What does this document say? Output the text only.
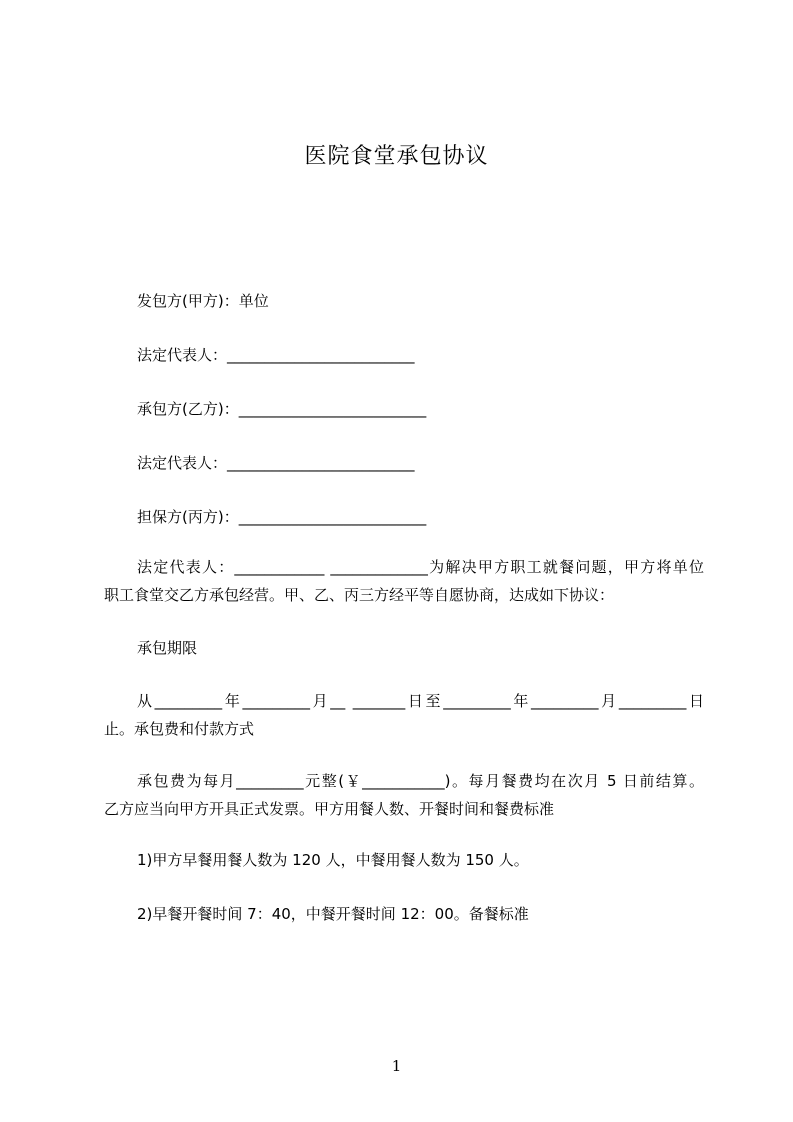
医院食堂承包协议
发包方(甲方)：单位
法定代表人：_________________________
承包方(乙方)：_________________________
法定代表人：_________________________
担保方(丙方)：_________________________
法定代表人：____________ _____________为解决甲方职工就餐问题，甲方将单位
职工食堂交乙方承包经营。甲、乙、丙三方经平等自愿协商，达成如下协议：
承包期限
从_________年_________月__ _______日至_________年_________月_________日
止。承包费和付款方式
承包费为每月_________元整(￥___________)。每月餐费均在次月 5 日前结算。
乙方应当向甲方开具正式发票。甲方用餐人数、开餐时间和餐费标准
1)甲方早餐用餐人数为 120 人，中餐用餐人数为 150 人。
2)早餐开餐时间 7：40，中餐开餐时间 12：00。备餐标准
1
